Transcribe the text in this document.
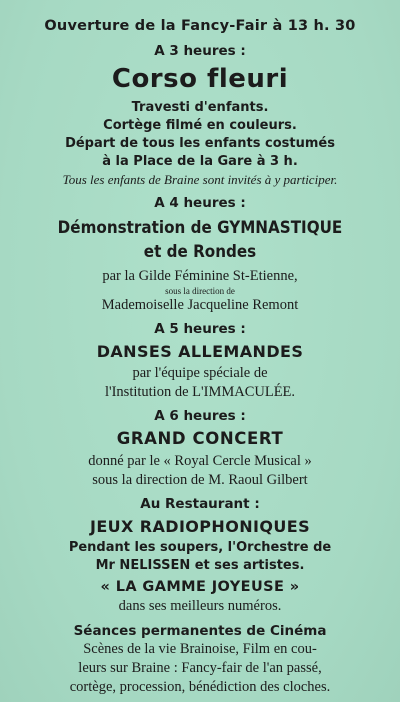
Ouverture de la Fancy-Fair à 13 h. 30
A 3 heures :
Corso fleuri
Travesti d'enfants.
Cortège filmé en couleurs.
Départ de tous les enfants costumés
à la Place de la Gare à 3 h.
Tous les enfants de Braine sont invités à y participer.
A 4 heures :
Démonstration de GYMNASTIQUE
et de Rondes
par la Gilde Féminine St-Etienne,
sous la direction de
Mademoiselle Jacqueline Remont
A 5 heures :
DANSES ALLEMANDES
par l'équipe spéciale de
l'Institution de L'IMMACULÉE.
A 6 heures :
GRAND CONCERT
donné par le « Royal Cercle Musical »
sous la direction de M. Raoul Gilbert
Au Restaurant :
JEUX RADIOPHONIQUES
Pendant les soupers, l'Orchestre de
Mr NELISSEN et ses artistes.
« LA GAMME JOYEUSE »
dans ses meilleurs numéros.
Séances permanentes de Cinéma
Scènes de la vie Brainoise, Film en cou-
leurs sur Braine : Fancy-fair de l'an passé,
cortège, procession, bénédiction des cloches.
